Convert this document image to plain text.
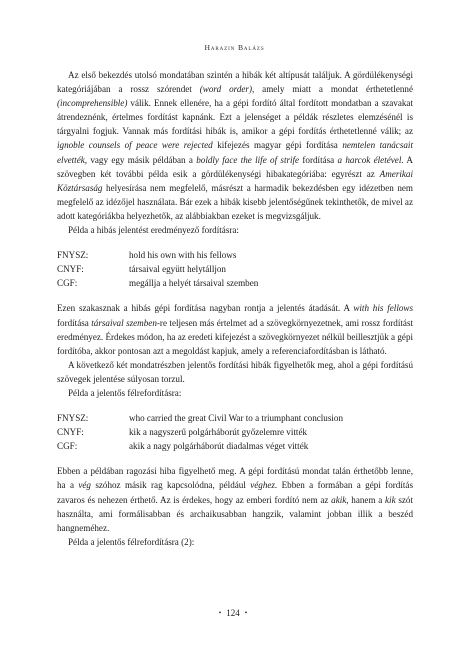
Harazin Balázs

Az első bekezdés utolsó mondatában szintén a hibák két altípusát találjuk. A gördülékenységi kategóriájában a rossz szórendet (word order), amely miatt a mondat érthetetlenné (incomprehensible) válik. Ennek ellenére, ha a gépi fordító által fordított mondatban a szavakat átrendeznénk, értelmes fordítást kapnánk. Ezt a jelenséget a példák részletes elemzésénél is tárgyalni fogjuk. Vannak más fordítási hibák is, amikor a gépi fordítás érthetetlenné válik; az ignoble counsels of peace were rejected kifejezés magyar gépi fordítása nemtelen tanácsait elvették, vagy egy másik példában a boldly face the life of strife fordítása a harcok életével. A szövegben két további példa esik a gördülékenységi hibakategóriába: egyrészt az Amerikai Köztársaság helyesírása nem megfelelő, másrészt a harmadik bekezdésben egy idézetben nem megfelelő az idézőjel használata. Bár ezek a hibák kisebb jelentőségűnek tekinthetők, de mivel az adott kategóriákba helyezhetők, az alábbiakban ezeket is megvizsgáljuk.

Példa a hibás jelentést eredményező fordításra:

FNYSZ:	hold his own with his fellows
CNYF:	társaival együtt helytálljon
CGF:	megállja a helyét társaival szemben

Ezen szakasznak a hibás gépi fordítása nagyban rontja a jelentés átadását. A with his fellows fordítása társaival szemben-re teljesen más értelmet ad a szövegkörnyezetnek, ami rossz fordítást eredményez. Érdekes módon, ha az eredeti kifejezést a szövegkörnyezet nélkül beillesztjük a gépi fordítóba, akkor pontosan azt a megoldást kapjuk, amely a referenciafordításban is látható.

A következő két mondatrészben jelentős fordítási hibák figyelhetők meg, ahol a gépi fordítású szövegek jelentése súlyosan torzul.

Példa a jelentős félrefordításra:

FNYSZ:	who carried the great Civil War to a triumphant conclusion
CNYF:	kik a nagyszerű polgárháborút győzelemre vitték
CGF:	akik a nagy polgárháborút diadalmas véget vitték

Ebben a példában ragozási hiba figyelhető meg. A gépi fordítású mondat talán érthetőbb lenne, ha a vég szóhoz másik rag kapcsolódna, például véghez. Ebben a formában a gépi fordítás zavaros és nehezen érthető. Az is érdekes, hogy az emberi fordító nem az akik, hanem a kik szót használta, ami formálisabban és archaikusabban hangzik, valamint jobban illik a beszéd hangneméhez.

Példa a jelentős félrefordításra (2):

• 124 •
